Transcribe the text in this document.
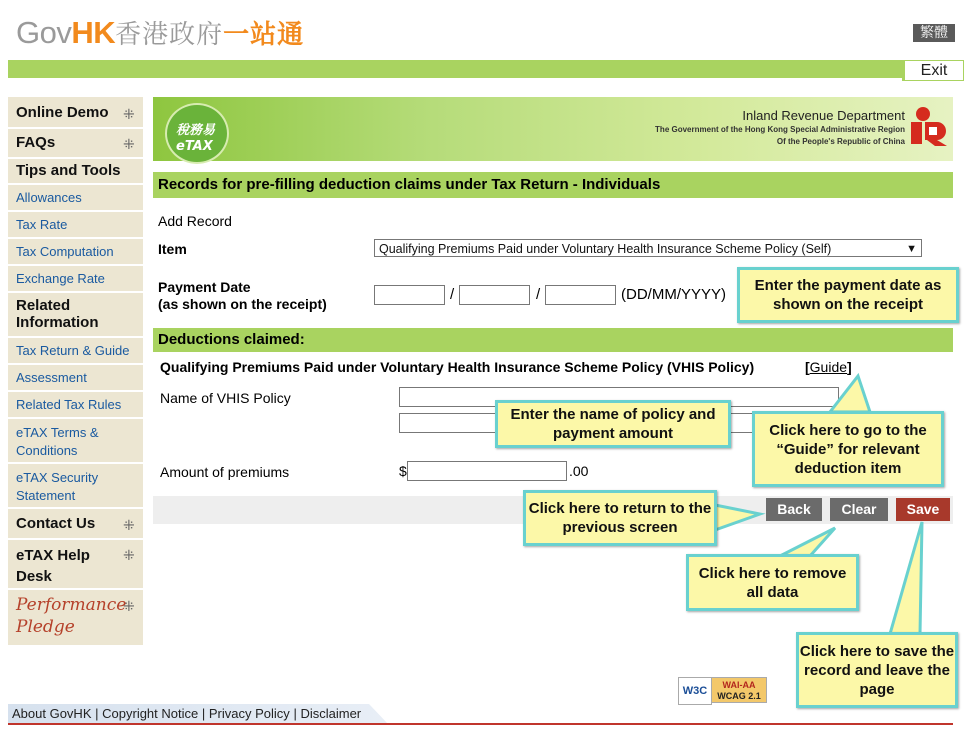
GovHK香港政府一站通	繁體
Exit
Online Demo	⁜
FAQs	⁜
Tips and Tools
Allowances
Tax Rate
Tax Computation
Exchange Rate
Related
Information
Tax Return & Guide
Assessment
Related Tax Rules
eTAX Terms &
Conditions
eTAX Security
Statement
Contact Us	⁜
eTAX Help
Desk
⁜
Performance
Pledge
⁜
稅務易
eTAX
Inland Revenue Department
The Government of the Hong Kong Special Administrative Region
Of the People's Republic of China
Records for pre-filling deduction claims under Tax Return - Individuals
Add Record
Item	Qualifying Premiums Paid under Voluntary Health Insurance Scheme Policy (Self)	▼
Payment Date
(as shown on the receipt)
/	/	(DD/MM/YYYY)
Deductions claimed:
Qualifying Premiums Paid under Voluntary Health Insurance Scheme Policy (VHIS Policy)	[Guide]
Name of VHIS Policy
Amount of premiums	$	.00
Back	Clear	Save
Enter the payment date as shown on the receipt
Enter the name of policy and payment amount	Click here to go to the “Guide” for relevant deduction item
Click here to return to the previous screen
Click here to remove all data
Click here to save the record and leave the page
W3C	WAI-AA
WCAG 2.1
About GovHK | Copyright Notice | Privacy Policy | Disclaimer
